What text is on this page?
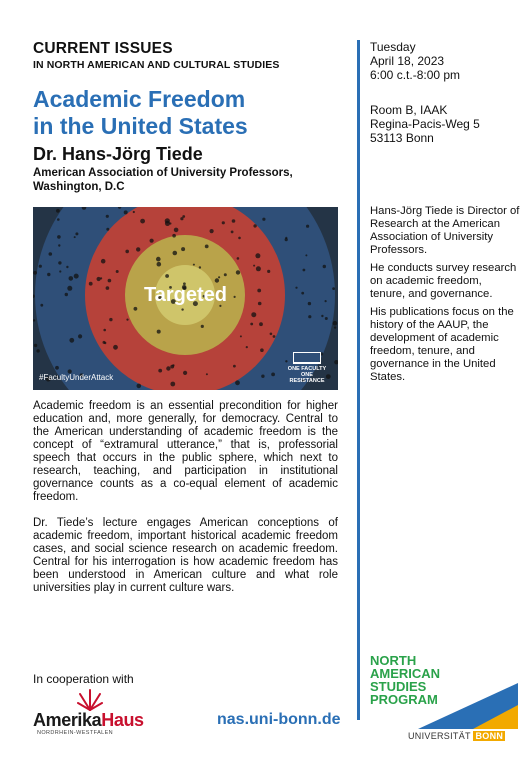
CURRENT ISSUES
IN NORTH AMERICAN AND CULTURAL STUDIES
Academic Freedom
in the United States
Dr. Hans-Jörg Tiede
American Association of University Professors,
Washington, D.C
Targeted
#FacultyUnderAttack
ONE FACULTY
ONE RESISTANCE
Academic freedom is an essential precondition for higher education and, more generally, for democracy. Central to the American understanding of academic freedom is the concept of “extramural utterance,” that is, professorial speech that occurs in the public sphere, which next to research, teaching, and participation in institutional governance counts as a co-equal element of academic freedom.
Dr. Tiede’s lecture engages American conceptions of academic freedom, important historical academic freedom cases, and social science research on academic freedom. Central for his interrogation is how academic freedom has been understood in American culture and what role universities play in current culture wars.
Tuesday
April 18, 2023
6:00 c.t.-8:00 pm
Room B, IAAK
Regina-Pacis-Weg 5
53113 Bonn

Hans-Jörg Tiede is Director of Research at the American Association of University Professors.

He conducts survey research on academic freedom, tenure, and governance.

His publications focus on the history of the AAUP, the development of academic freedom, tenure, and governance in the United States.

In cooperation with
AmerikaHaus
NORDRHEIN-WESTFALEN
nas.uni-bonn.de
NORTH
AMERICAN
STUDIES
PROGRAM
UNIVERSITÄT BONN
